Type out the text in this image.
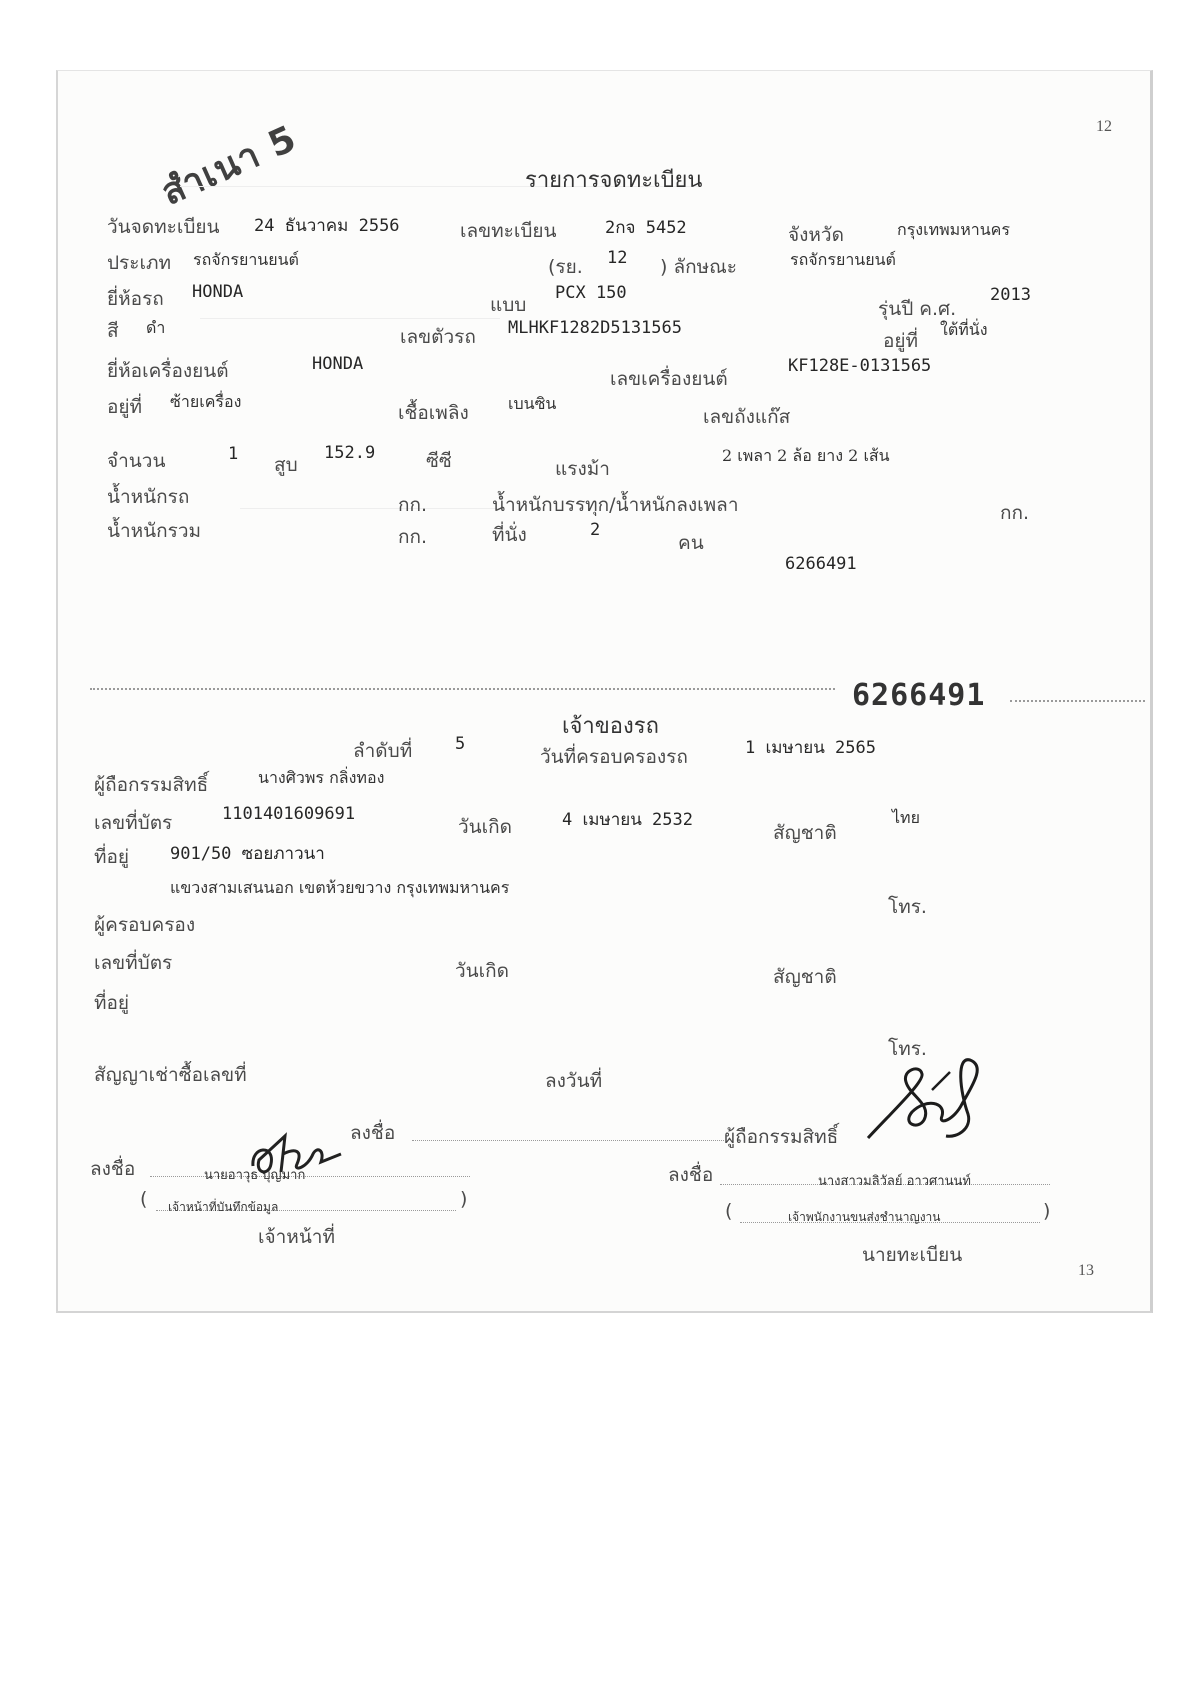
12
13
สำเนา 5	รายการจดทะเบียน
วันจดทะเบียน 24 ธันวาคม 2556	เลขทะเบียน	2กจ 5452	จังหวัด	กรุงเทพมหานคร
ประเภท รถจักรยานยนต์	(รย. 12 ) ลักษณะ	รถจักรยานยนต์
ยี่ห้อรถ HONDA
แบบ
PCX 150
รุ่นปี ค.ศ.
2013
สี ดำ	เลขตัวรถ MLHKF1282D5131565
อยู่ที่
ใต้ที่นั่ง
ยี่ห้อเครื่องยนต์	HONDA
เลขเครื่องยนต์
KF128E-0131565
อยู่ที่ ซ้ายเครื่อง
เชื้อเพลิง เบนซิน
เลขถังแก๊ส
จำนวน	1 สูบ
152.9	ซีซี	แรงม้า
2 เพลา 2 ล้อ ยาง 2 เส้น
น้ำหนักรถ	กก.	น้ำหนักบรรทุก/น้ำหนักลงเพลา	กก.
น้ำหนักรวม	กก.	ที่นั่ง	2
คน
6266491
6266491
เจ้าของรถ
ลำดับที่	5
วันที่ครอบครองรถ	1 เมษายน 2565
ผู้ถือกรรมสิทธิ์	นางศิวพร กลิ่งทอง
เลขที่บัตร	1101401609691
วันเกิด	4 เมษายน 2532
สัญชาติ
ไทย
ที่อยู่ 901/50 ซอยภาวนา
แขวงสามเสนนอก เขตห้วยขวาง กรุงเทพมหานคร
โทร.
ผู้ครอบครอง
เลขที่บัตร	วันเกิด	สัญชาติ
ที่อยู่
โทร.
สัญญาเช่าซื้อเลขที่	ลงวันที่
ลงชื่อ	ผู้ถือกรรมสิทธิ์
ลงชื่อ	นายอาวุธ บุญมาก
( เจ้าหน้าที่บันทึกข้อมูล	)
เจ้าหน้าที่
ลงชื่อ	นางสาวมลิวัลย์ อาวศานนท์
(	เจ้าพนักงานขนส่งชำนาญงาน	)
นายทะเบียน
